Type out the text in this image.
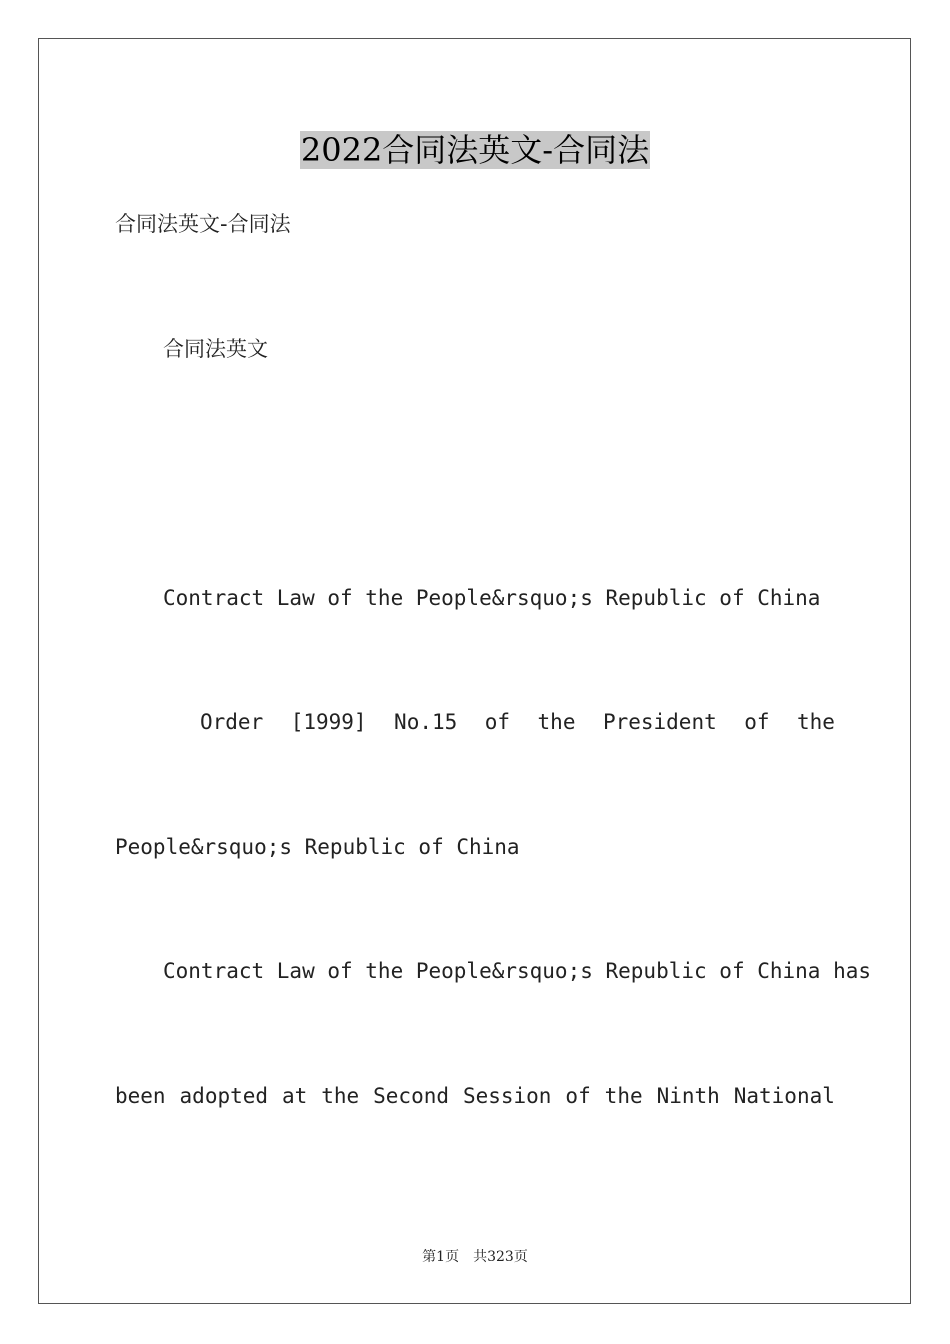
2022合同法英文-合同法
合同法英文-合同法
合同法英文
Contract Law of the People&rsquo;s Republic of China
Order [1999] No.15 of the President of the
People&rsquo;s Republic of China
Contract Law of the People&rsquo;s Republic of China has
been adopted at the Second Session of the Ninth National
第1页 共323页
